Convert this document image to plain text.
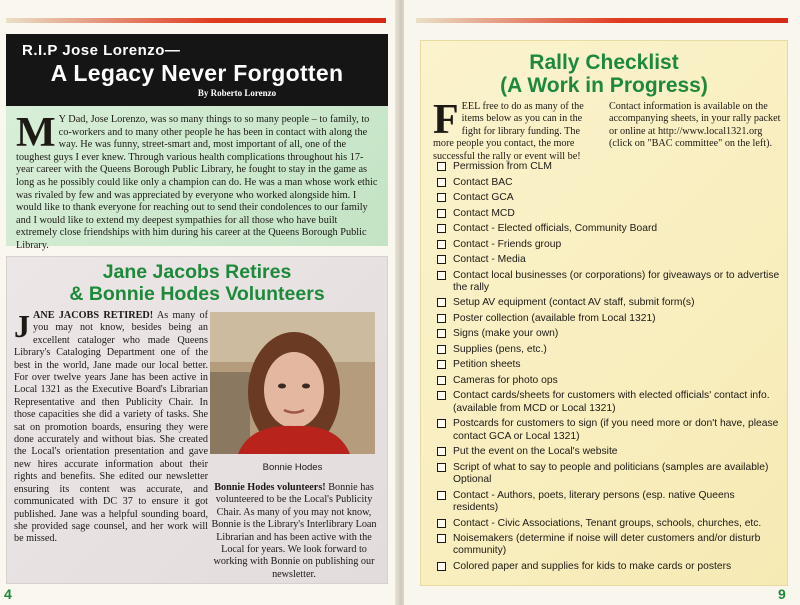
R.I.P Jose Lorenzo—
A Legacy Never Forgotten
By Roberto Lorenzo

M Y Dad, Jose Lorenzo, was so many things to so many people – to family, to co-workers and to many other people he has been in contact with along the way. He was funny, street-smart and, most important of all, one of the toughest guys I ever knew. Through various health complications throughout his 17-year career with the Queens Borough Public Library, he fought to stay in the game as long as he possibly could like only a champion can do. He was a man whose work ethic was rivaled by few and was appreciated by everyone who worked alongside him. I would like to thank everyone for reaching out to send their condolences to our family and I would like to extend my deepest sympathies for all those who have built extremely close friendships with him during his career at the Queens Borough Public Library.

Jane Jacobs Retires
& Bonnie Hodes Volunteers
JANE JACOBS RETIRED! As many of you may not know, besides being an excellent cataloger who made Queens Library's Cataloging Department one of the best in the world, Jane made our local better. For over twelve years Jane has been active in Local 1321 as the Executive Board's Librarian Representative and then Publicity Chair. In those capacities she did a variety of tasks. She sat on promotion boards, ensuring they were done accurately and without bias. She created the Local's orientation presentation and gave new hires accurate information about their rights and benefits. She edited our newsletter ensuring its content was accurate, and communicated with DC 37 to ensure it got published. Jane was a helpful sounding board, she provided sage counsel, and her work will be missed.
Bonnie Hodes
Bonnie Hodes volunteers! Bonnie has volunteered to be the Local's Publicity Chair. As many of you may not know, Bonnie is the Library's Interlibrary Loan Librarian and has been active with the Local for years. We look forward to working with Bonnie on publishing our newsletter.
4
Rally Checklist
(A Work in Progress)
FEEL free to do as many of the items below as you can in the fight for library funding. The more people you contact, the more successful the rally or event will be!
Contact information is available on the accompanying sheets, in your rally packet or online at http://www.local1321.org (click on "BAC committee" on the left).
Permission from CLM
Contact BAC
Contact GCA
Contact MCD
Contact - Elected officials, Community Board
Contact - Friends group
Contact - Media
Contact local businesses (or corporations) for giveaways or to advertise the rally
Setup AV equipment (contact AV staff, submit form(s)
Poster collection (available from Local 1321)
Signs (make your own)
Supplies (pens, etc.)
Petition sheets
Cameras for photo ops
Contact cards/sheets for customers with elected officials' contact info. (available from MCD or Local 1321)
Postcards for customers to sign (if you need more or don't have, please contact GCA or Local 1321)
Put the event on the Local's website
Script of what to say to people and politicians (samples are available) Optional
Contact - Authors, poets, literary persons (esp. native Queens residents)
Contact - Civic Associations, Tenant groups, schools, churches, etc.
Noisemakers (determine if noise will deter customers and/or disturb community)
Colored paper and supplies for kids to make cards or posters
9
